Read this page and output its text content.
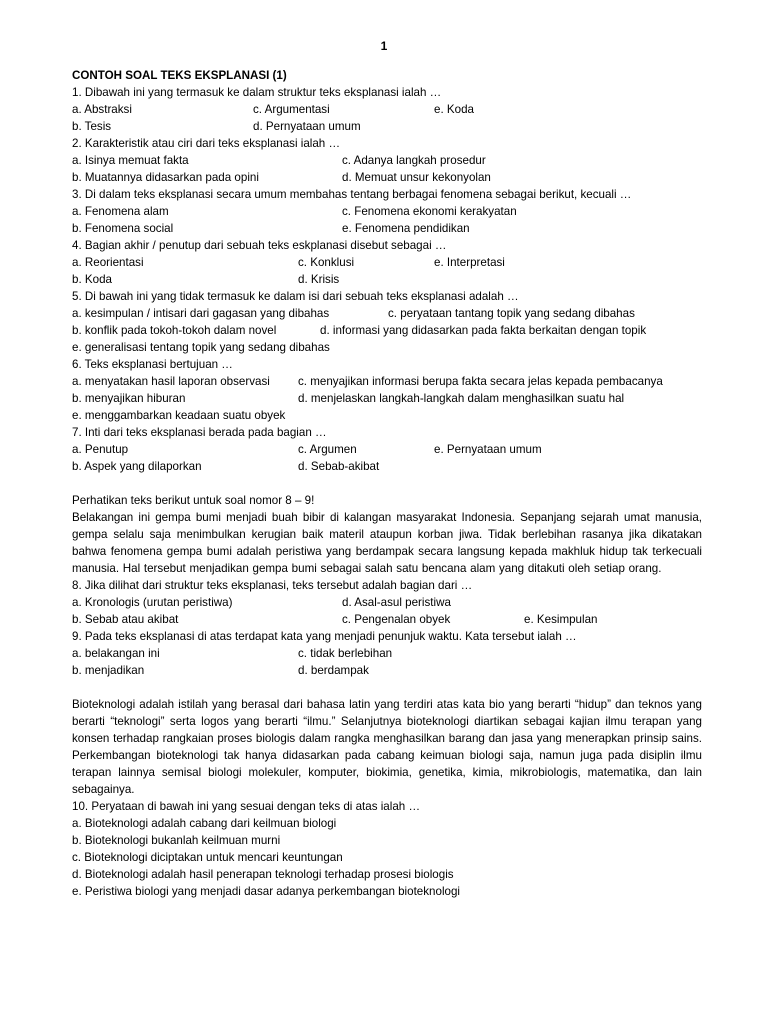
1
CONTOH SOAL TEKS EKSPLANASI (1)
1. Dibawah ini yang termasuk ke dalam struktur teks eksplanasi ialah …
a. Abstraksi	c. Argumentasi	e. Koda
b. Tesis	d. Pernyataan umum
2. Karakteristik atau ciri dari teks eksplanasi ialah …
a. Isinya memuat fakta	c. Adanya langkah prosedur
b. Muatannya didasarkan pada opini	d. Memuat unsur kekonyolan
3. Di dalam teks eksplanasi secara umum membahas tentang berbagai fenomena sebagai berikut, kecuali …
a. Fenomena alam	c. Fenomena ekonomi kerakyatan
b. Fenomena social	e. Fenomena pendidikan
4. Bagian akhir / penutup dari sebuah teks eskplanasi disebut sebagai …
a. Reorientasi	c. Konklusi	e. Interpretasi
b. Koda	d. Krisis
5. Di bawah ini yang tidak termasuk ke dalam isi dari sebuah teks eksplanasi adalah …
a. kesimpulan / intisari dari gagasan yang dibahas	c. peryataan tantang topik yang sedang dibahas
b. konflik pada tokoh-tokoh dalam novel	d. informasi yang didasarkan pada fakta berkaitan dengan topik
e. generalisasi tentang topik yang sedang dibahas
6. Teks eksplanasi bertujuan …
a. menyatakan hasil laporan observasi c. menyajikan informasi berupa fakta secara jelas kepada pembacanya
b. menyajikan hiburan	d. menjelaskan langkah-langkah dalam menghasilkan suatu hal
e. menggambarkan keadaan suatu obyek
7. Inti dari teks eksplanasi berada pada bagian …
a. Penutup	c. Argumen	e. Pernyataan umum
b. Aspek yang dilaporkan	d. Sebab-akibat
Perhatikan teks berikut untuk soal nomor 8 – 9!

Belakangan ini gempa bumi menjadi buah bibir di kalangan masyarakat Indonesia. Sepanjang sejarah umat manusia, gempa selalu saja menimbulkan kerugian baik materil ataupun korban jiwa. Tidak berlebihan rasanya jika dikatakan bahwa fenomena gempa bumi adalah peristiwa yang berdampak secara langsung kepada makhluk hidup tak terkecuali manusia. Hal tersebut menjadikan gempa bumi sebagai salah satu bencana alam yang ditakuti oleh setiap orang.

8. Jika dilihat dari struktur teks eksplanasi, teks tersebut adalah bagian dari …
a. Kronologis (urutan peristiwa)	d. Asal-asul peristiwa
b. Sebab atau akibat	c. Pengenalan obyek	e. Kesimpulan
9. Pada teks eksplanasi di atas terdapat kata yang menjadi penunjuk waktu. Kata tersebut ialah …
a. belakangan ini	c. tidak berlebihan
b. menjadikan	d. berdampak

Bioteknologi adalah istilah yang berasal dari bahasa latin yang terdiri atas kata bio yang berarti “hidup” dan teknos yang berarti “teknologi” serta logos yang berarti “ilmu.” Selanjutnya bioteknologi diartikan sebagai kajian ilmu terapan yang konsen terhadap rangkaian proses biologis dalam rangka menghasilkan barang dan jasa yang menerapkan prinsip sains. Perkembangan bioteknologi tak hanya didasarkan pada cabang keimuan biologi saja, namun juga pada disiplin ilmu terapan lainnya semisal biologi molekuler, komputer, biokimia, genetika, kimia, mikrobiologis, matematika, dan lain sebagainya.

10. Peryataan di bawah ini yang sesuai dengan teks di atas ialah …
a. Bioteknologi adalah cabang dari keilmuan biologi
b. Bioteknologi bukanlah keilmuan murni
c. Bioteknologi diciptakan untuk mencari keuntungan
d. Bioteknologi adalah hasil penerapan teknologi terhadap prosesi biologis
e. Peristiwa biologi yang menjadi dasar adanya perkembangan bioteknologi
